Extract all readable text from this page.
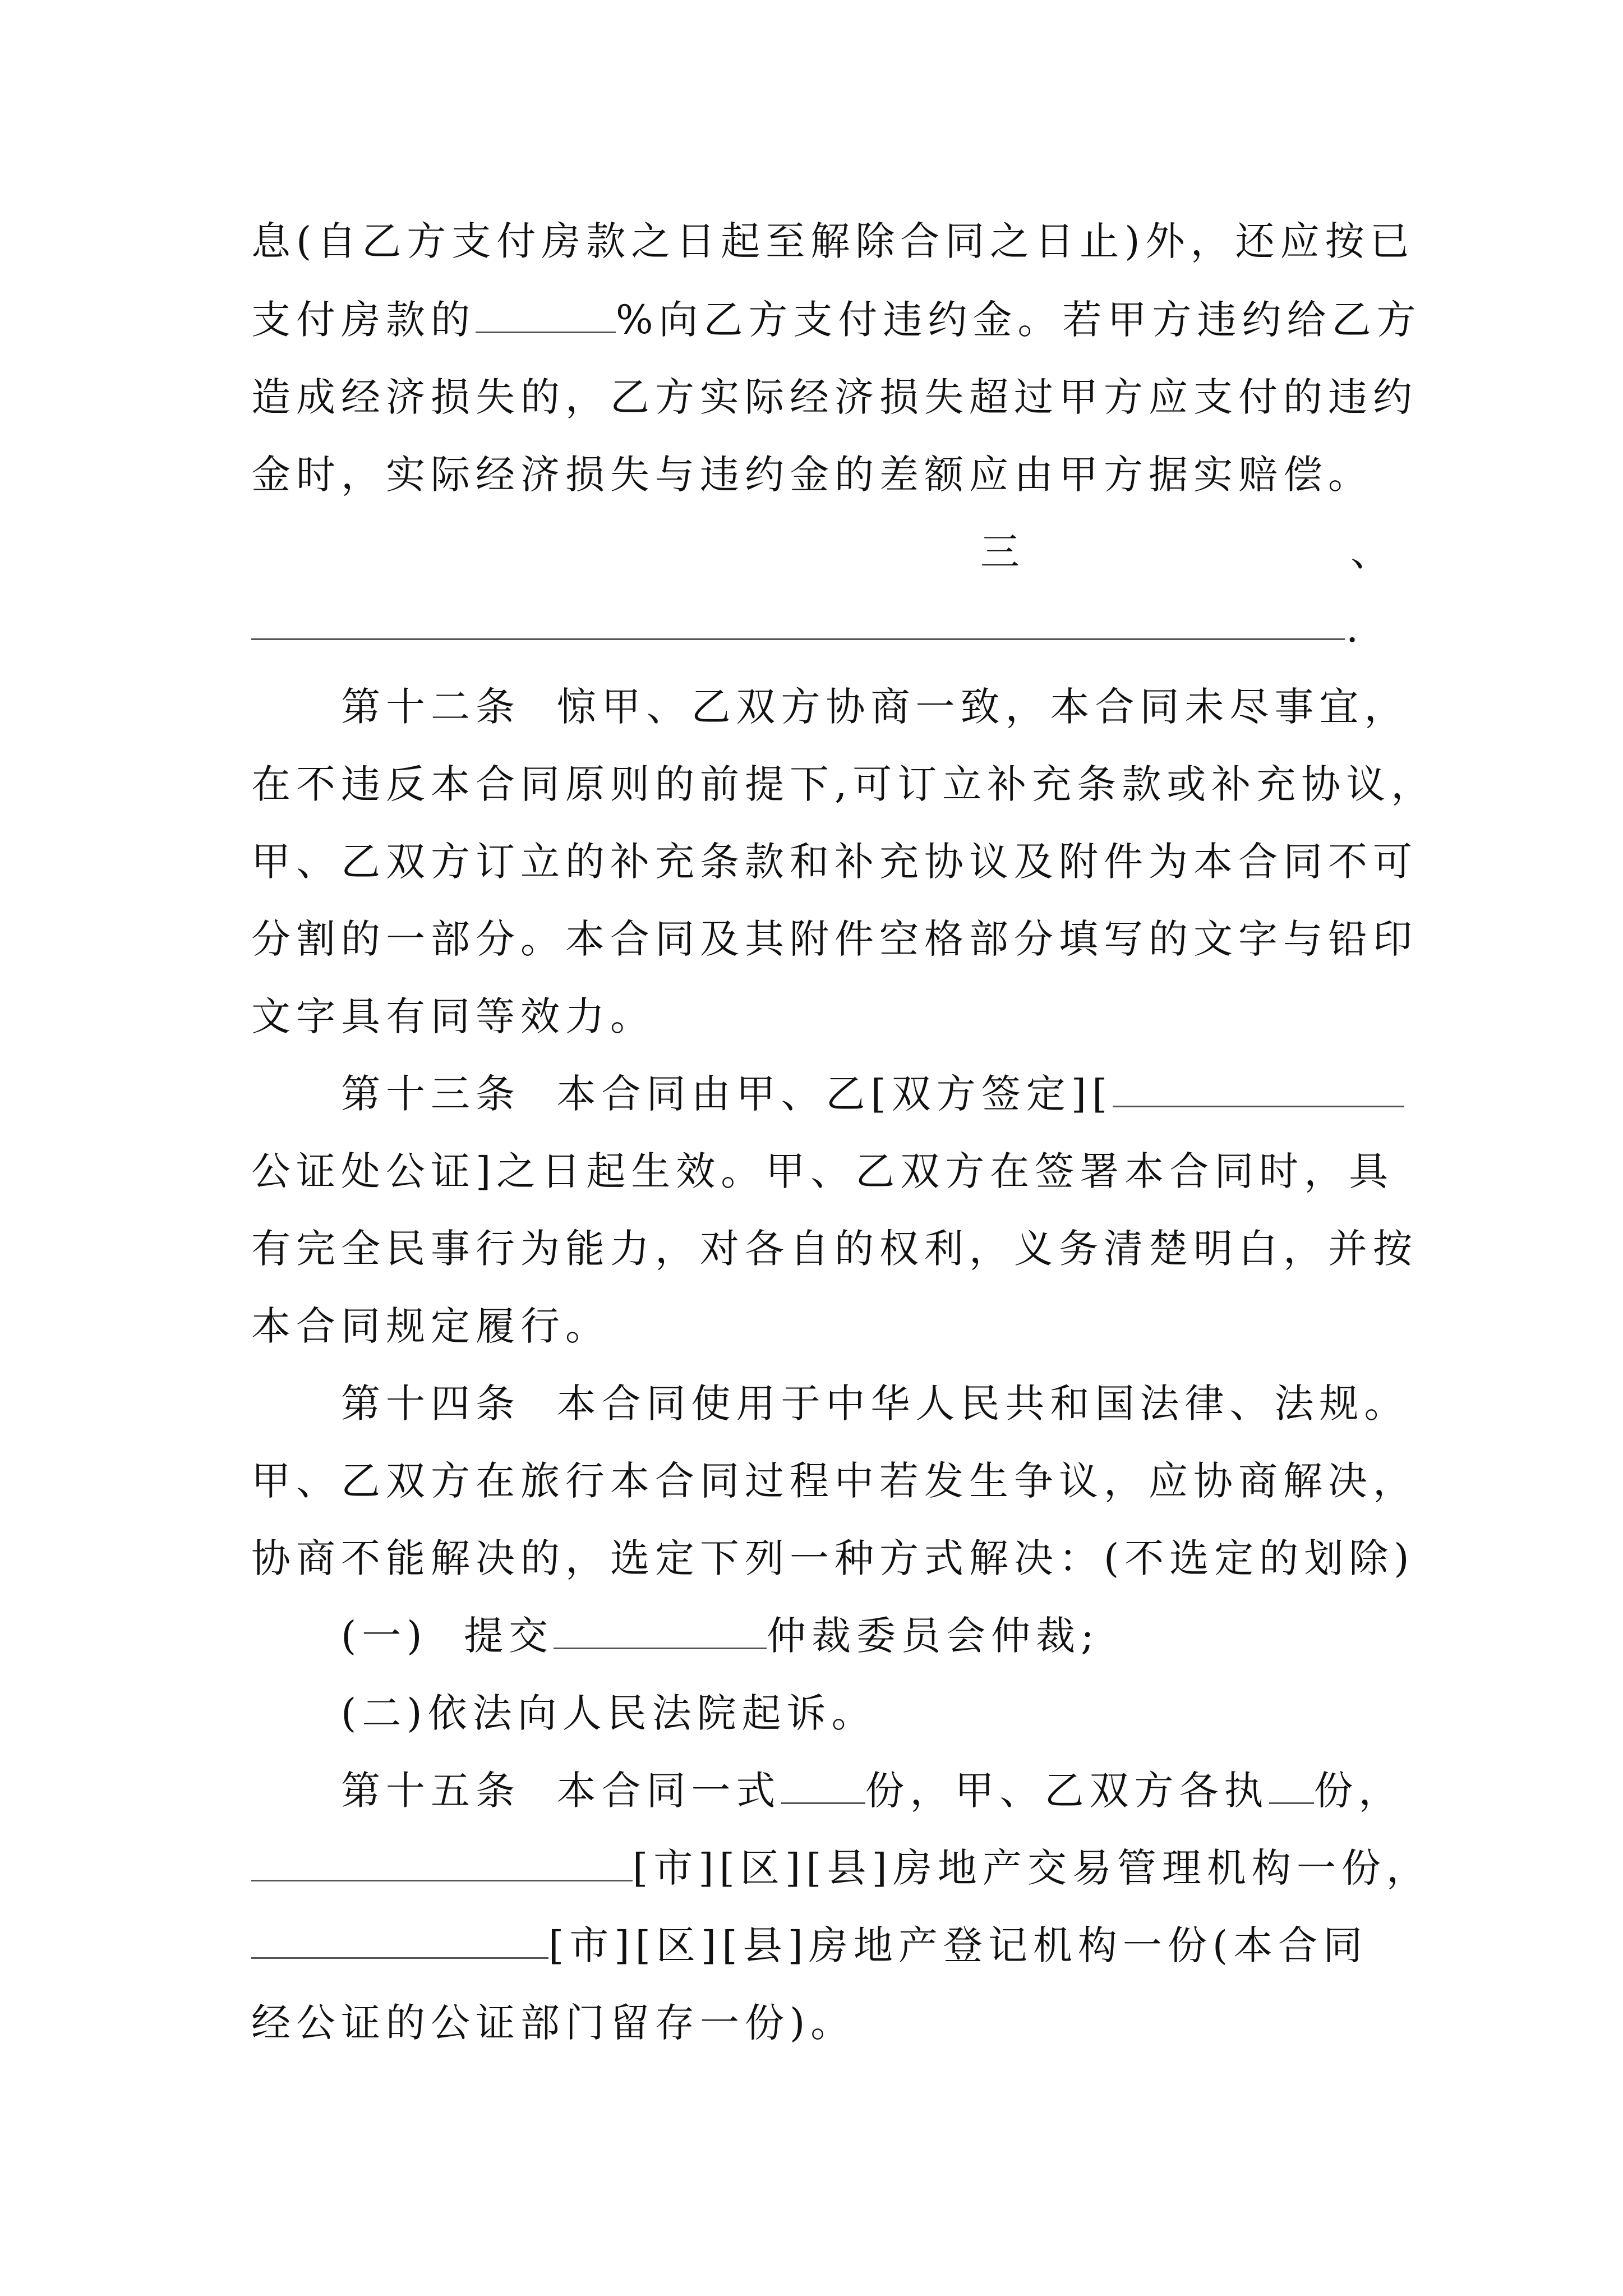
息(自乙方支付房款之日起至解除合同之日止)外，还应按已
支付房款的	%向乙方支付违约金。若甲方违约给乙方
造成经济损失的，乙方实际经济损失超过甲方应支付的违约
金时，实际经济损失与违约金的差额应由甲方据实赔偿。
三	、
.
第十二条  惊甲、乙双方协商一致，本合同未尽事宜，
在不违反本合同原则的前提下,可订立补充条款或补充协议，
甲、乙双方订立的补充条款和补充协议及附件为本合同不可
分割的一部分。本合同及其附件空格部分填写的文字与铅印
文字具有同等效力。
第十三条  本合同由甲、乙[双方签定][
公证处公证]之日起生效。甲、乙双方在签署本合同时，具
有完全民事行为能力，对各自的权利，义务清楚明白，并按
本合同规定履行。
第十四条  本合同使用于中华人民共和国法律、法规。
甲、乙双方在旅行本合同过程中若发生争议，应协商解决，
协商不能解决的，选定下列一种方式解决：(不选定的划除)
(一)  提交	仲裁委员会仲裁;
(二)依法向人民法院起诉。
第十五条  本合同一式 份，甲、乙双方各执 份，
[市][区][县]房地产交易管理机构一份，
[市][区][县]房地产登记机构一份(本合同
经公证的公证部门留存一份)。
